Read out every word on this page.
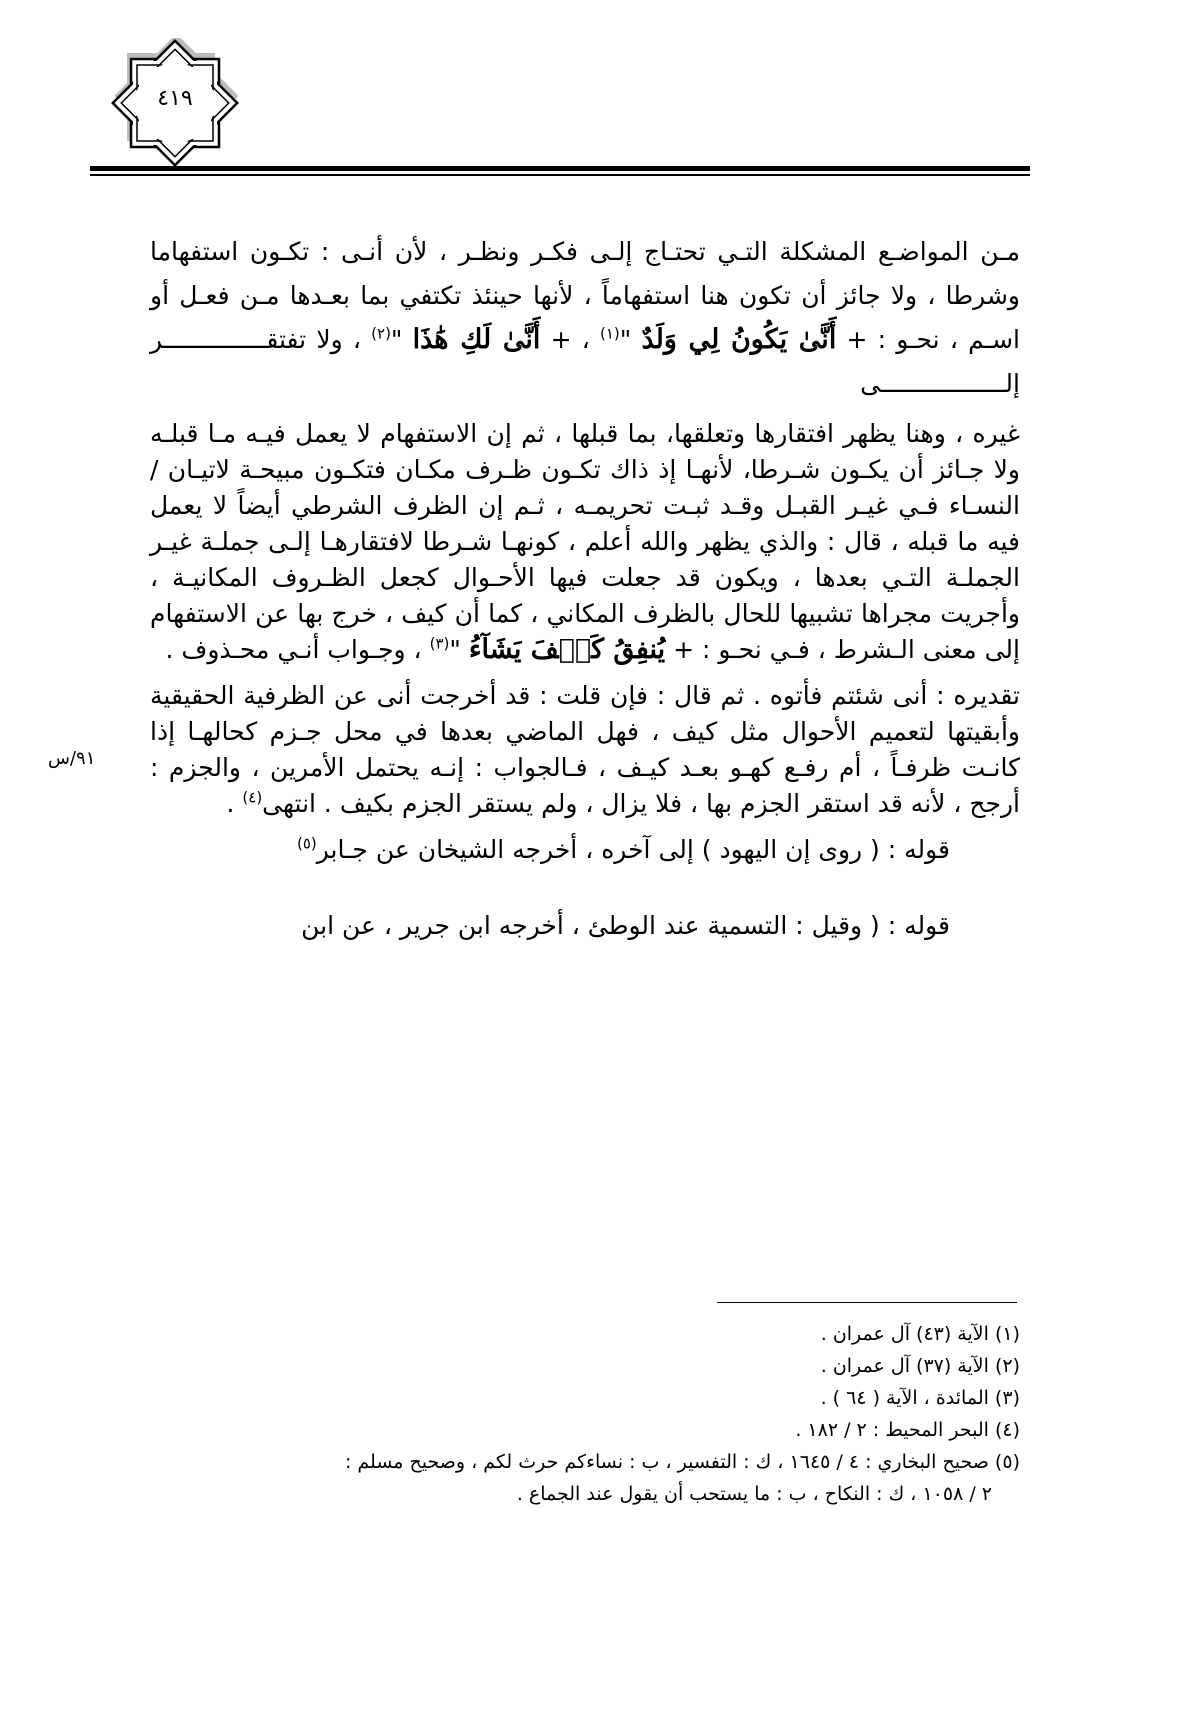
٤١٩

مـن المواضـع المشكلة التـي تحتـاج إلـى فكـر ونظـر ، لأن أنـى : تكـون استفهاما وشرطا ، ولا جائز أن تكون هنا استفهاماً ، لأنها حينئذ تكتفي بما بعـدها مـن فعـل أو اسـم ، نحـو : + أَنَّىٰ يَكُونُ لِي وَلَدٌ "$^{(١)}$ ، + أَنَّىٰ لَكِ هَٰذَا "$^{(٢)}$ ، ولا تفتقــــــــــــــر إلـــــــــــــــــى

غيره ، وهنا يظهر افتقارها وتعلقها، بما قبلها ، ثم إن الاستفهام لا يعمل فيـه مـا قبلـه ولا جـائز أن يكـون شـرطا، لأنهـا إذ ذاك تكـون ظـرف مكـان فتكـون مبيحـة لاتيـان / النسـاء فـي غيـر القبـل وقـد ثبـت تحريمـه ، ثـم إن الظرف الشرطي أيضاً لا يعمل فيه ما قبله ، قال : والذي يظهر والله أعلم ، كونهـا شـرطا لافتقارهـا إلـى جملـة غيـر الجملـة التـي بعدها ، ويكون قد جعلت فيها الأحـوال كجعل الظـروف المكانيـة ، وأجريت مجراها تشبيها للحال بالظرف المكاني ، كما أن كيف ، خرج بها عن الاستفهام إلى معنى الـشرط ، فـي نحـو : + يُنفِقُ كَيۡفَ يَشَآءُ "$^{(٣)}$ ، وجـواب أنـي محـذوف .

تقديره : أنى شئتم فأتوه . ثم قال : فإن قلت : قد أخرجت أنى عن الظرفية الحقيقية وأبقيتها لتعميم الأحوال مثل كيف ، فهل الماضي بعدها في محل جـزم كحالهـا إذا كانـت ظرفـاً ، أم رفـع كهـو بعـد كيـف ، فـالجواب : إنـه يحتمل الأمرين ، والجزم : أرجح ، لأنه قد استقر الجزم بها ، فلا يزال ، ولم يستقر الجزم بكيف . انتهى$^{(٤)}$ .

قوله : ( روى إن اليهود ) إلى آخره ، أخرجه الشيخان عن جـابر$^{(٥)}$

قوله : ( وقيل : التسمية عند الوطئ ، أخرجه ابن جرير ، عن ابن

٩١/س

(١) الآية (٤٣) آل عمران .

(٢) الآية (٣٧) آل عمران .

(٣) المائدة ، الآية ( ٦٤ ) .

(٤) البحر المحيط : ٢ / ١٨٢ .

(٥) صحيح البخاري : ٤ / ١٦٤٥ ، ك : التفسير ، ب : نساءكم حرث لكم ، وصحيح مسلم :

٢ / ١٠٥٨ ، ك : النكاح ، ب : ما يستحب أن يقول عند الجماع .
